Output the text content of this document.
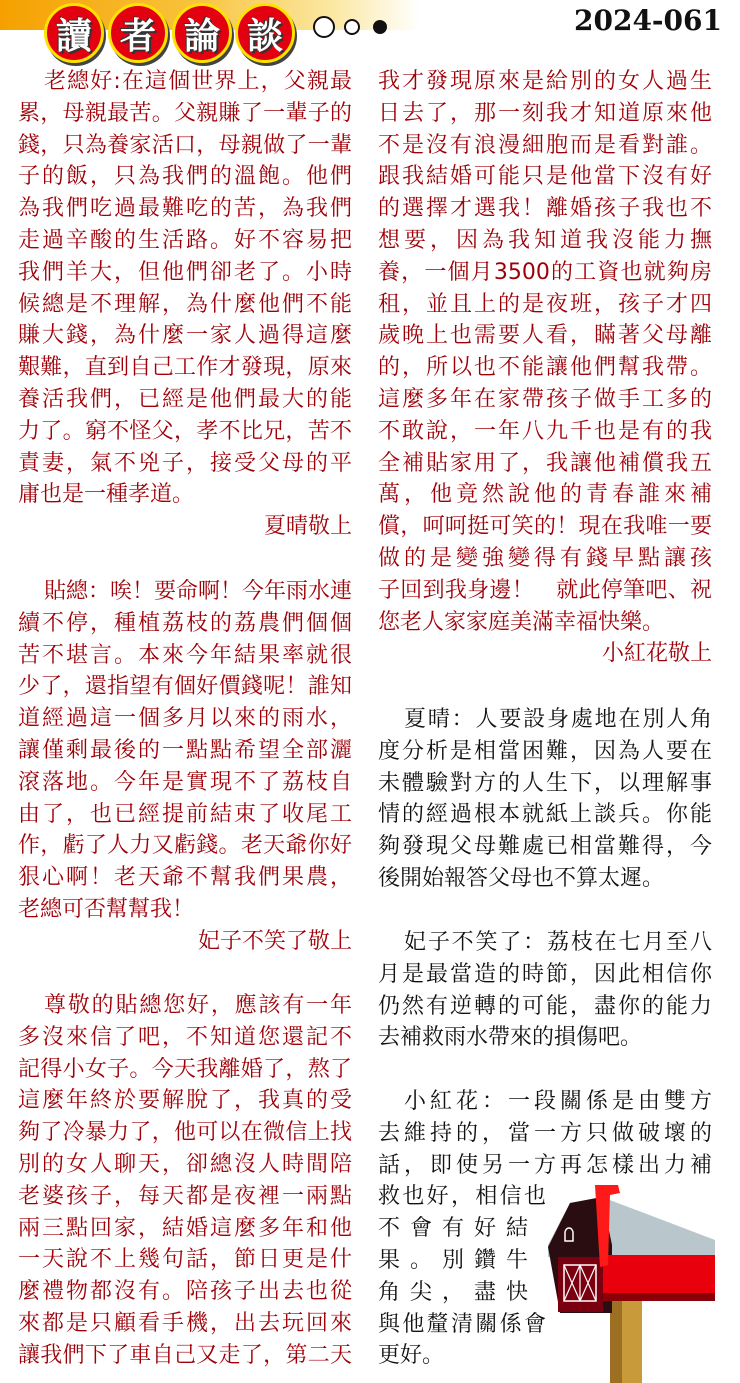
讀 者 論 談	2024-061
老總好:在這個世界上，父親最
累，母親最苦。父親賺了一輩子的
錢，只為養家活口，母親做了一輩
子的飯，只為我們的溫飽。他們
為我們吃過最難吃的苦，為我們
走過辛酸的生活路。好不容易把
我們羊大，但他們卻老了。小時
候總是不理解，為什麼他們不能
賺大錢，為什麼一家人過得這麼
艱難，直到自己工作才發現，原來
養活我們，已經是他們最大的能
力了。窮不怪父，孝不比兄，苦不
責妻，氣不兇子，接受父母的平
庸也是一種孝道。
夏晴敬上
貼總：唉！要命啊！今年雨水連
續不停，種植荔枝的荔農們個個
苦不堪言。本來今年結果率就很
少了，還指望有個好價錢呢！誰知
道經過這一個多月以來的雨水，
讓僅剩最後的一點點希望全部灑
滾落地。今年是實現不了荔枝自
由了，也已經提前結束了收尾工
作，虧了人力又虧錢。老天爺你好
狠心啊！老天爺不幫我們果農，
老總可否幫幫我！
妃子不笑了敬上
尊敬的貼總您好，應該有一年
多沒來信了吧，不知道您還記不
記得小女子。今天我離婚了，熬了
這麼年終於要解脫了，我真的受
夠了冷暴力了，他可以在微信上找
別的女人聊天，卻總沒人時間陪
老婆孩子，每天都是夜裡一兩點
兩三點回家，結婚這麼多年和他
一天說不上幾句話，節日更是什
麼禮物都沒有。陪孩子出去也從
來都是只顧看手機，出去玩回來
讓我們下了車自己又走了，第二天
我才發現原來是給別的女人過生
日去了，那一刻我才知道原來他
不是沒有浪漫細胞而是看對誰。
跟我結婚可能只是他當下沒有好
的選擇才選我！離婚孩子我也不
想要，因為我知道我沒能力撫
養，一個月3500的工資也就夠房
租，並且上的是夜班，孩子才四
歲晚上也需要人看，瞞著父母離
的，所以也不能讓他們幫我帶。
這麼多年在家帶孩子做手工多的
不敢說，一年八九千也是有的我
全補貼家用了，我讓他補償我五
萬，他竟然說他的青春誰來補
償，呵呵挺可笑的！現在我唯一要
做的是變強變得有錢早點讓孩
子回到我身邊！　就此停筆吧、祝
您老人家家庭美滿幸福快樂。
小紅花敬上
夏晴：人要設身處地在別人角
度分析是相當困難，因為人要在
未體驗對方的人生下，以理解事
情的經過根本就紙上談兵。你能
夠發現父母難處已相當難得，今
後開始報答父母也不算太遲。
妃子不笑了：荔枝在七月至八
月是最當造的時節，因此相信你
仍然有逆轉的可能，盡你的能力
去補救雨水帶來的損傷吧。
小紅花：一段關係是由雙方
去維持的，當一方只做破壞的
話，即使另一方再怎樣出力補
救也好，相信也
不會有好結
果。別鑽牛
角尖，盡快
與他釐清關係會
更好。
